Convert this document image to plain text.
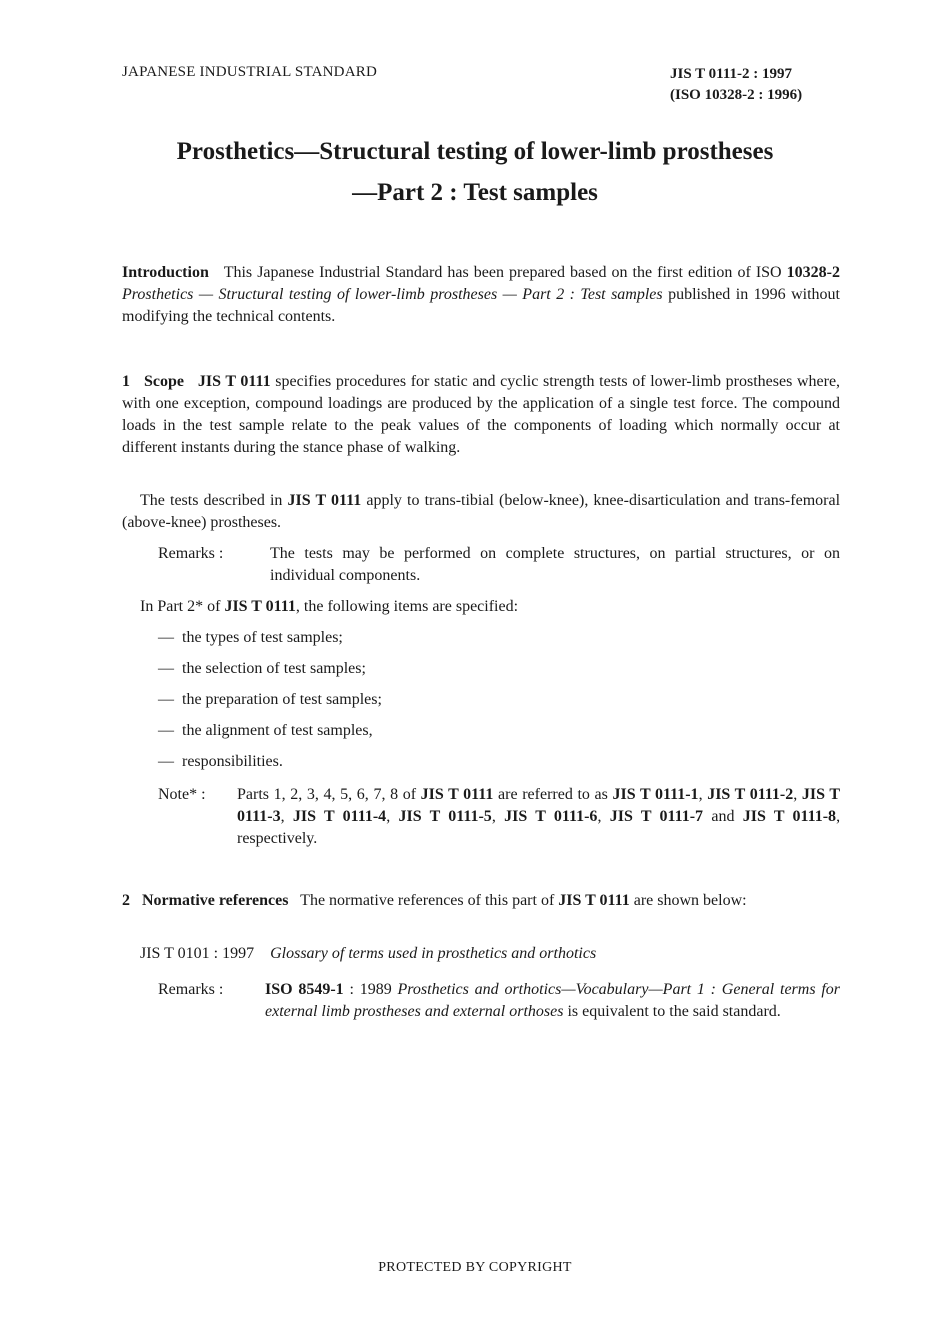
JAPANESE INDUSTRIAL STANDARD	JIS T 0111-2 : 1997
(ISO 10328-2 : 1996)
Prosthetics—Structural testing of lower-limb prostheses
—Part 2 : Test samples
Introduction This Japanese Industrial Standard has been prepared based on the first edition of ISO 10328-2 Prosthetics — Structural testing of lower-limb prostheses — Part 2 : Test samples published in 1996 without modifying the technical contents.
1 Scope JIS T 0111 specifies procedures for static and cyclic strength tests of lower-limb prostheses where, with one exception, compound loadings are produced by the application of a single test force. The compound loads in the test sample relate to the peak values of the components of loading which normally occur at different instants during the stance phase of walking.
The tests described in JIS T 0111 apply to trans-tibial (below-knee), knee-disarticulation and trans-femoral (above-knee) prostheses.
Remarks :	The tests may be performed on complete structures, on partial structures, or on individual components.
In Part 2* of JIS T 0111, the following items are specified:
— the types of test samples;
— the selection of test samples;
— the preparation of test samples;
— the alignment of test samples,
— responsibilities.
Note* :	Parts 1, 2, 3, 4, 5, 6, 7, 8 of JIS T 0111 are referred to as JIS T 0111-1, JIS T 0111-2, JIS T 0111-3, JIS T 0111-4, JIS T 0111-5, JIS T 0111-6, JIS T 0111-7 and JIS T 0111-8, respectively.
2 Normative references The normative references of this part of JIS T 0111 are shown below:
JIS T 0101 : 1997 Glossary of terms used in prosthetics and orthotics
Remarks :	ISO 8549-1 : 1989 Prosthetics and orthotics—Vocabulary—Part 1 : General terms for external limb prostheses and external orthoses is equivalent to the said standard.
PROTECTED BY COPYRIGHT
